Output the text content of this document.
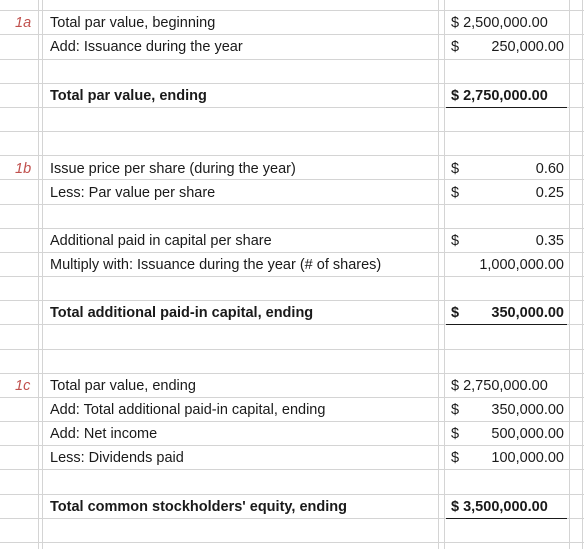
1a Total par value, beginning	$ 2,500,000.00
Add: Issuance during the year	$ 250,000.00
Total par value, ending	$ 2,750,000.00
1b Issue price per share (during the year)	$	0.60
Less: Par value per share	$	0.25
Additional paid in capital per share	$	0.35
Multiply with: Issuance during the year (# of shares)	1,000,000.00
Total additional paid-in capital, ending	$ 350,000.00
1c Total par value, ending	$ 2,750,000.00
Add: Total additional paid-in capital, ending	$ 350,000.00
Add: Net income	$ 500,000.00
Less: Dividends paid	$ 100,000.00
Total common stockholders' equity, ending	$ 3,500,000.00
